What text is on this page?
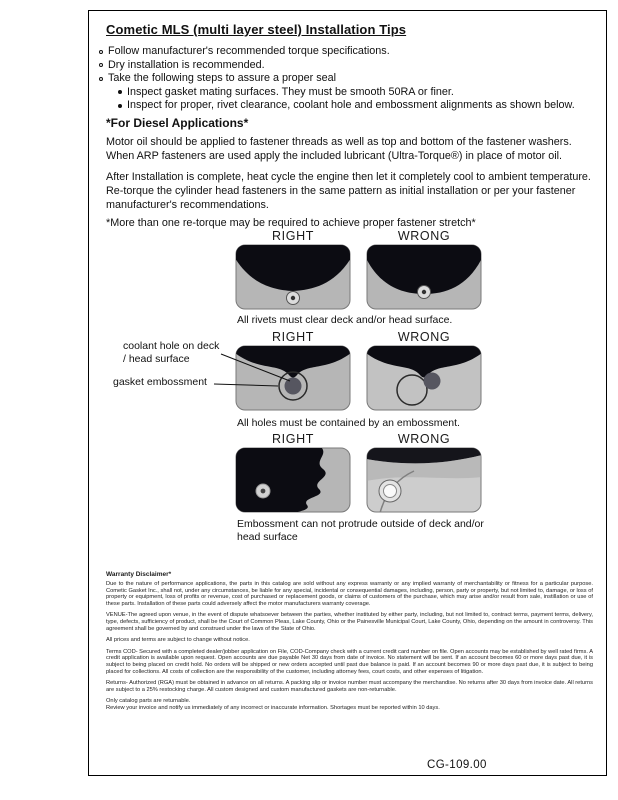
Cometic MLS (multi layer steel) Installation Tips
Follow manufacturer's recommended torque specifications.
Dry installation is recommended.
Take the following steps to assure a proper seal
Inspect gasket mating surfaces. They must be smooth 50RA or finer.
Inspect for proper, rivet clearance, coolant hole and embossment alignments as shown below.
*For Diesel Applications*
Motor oil should be applied to fastener threads as well as top and bottom of the fastener washers. When ARP fasteners are used apply the included lubricant (Ultra-Torque®) in place of motor oil.
After Installation is complete, heat cycle the engine then let it completely cool to ambient temperature. Re-torque the cylinder head fasteners in the same pattern as initial installation or per your fastener manufacturer's recommendations.
*More than one re-torque may be required to achieve proper fastener stretch*
RIGHT	WRONG
All rivets must clear deck and/or head surface.
RIGHT	WRONG
coolant hole on deck / head surface
gasket embossment
All holes must be contained by an embossment.
RIGHT	WRONG
Embossment can not protrude outside of deck and/or head surface
Warranty Disclaimer*
Due to the nature of performance applications, the parts in this catalog are sold without any express warranty or any implied warranty of merchantability or fitness for a particular purpose. Cometic Gasket Inc., shall not, under any circumstances, be liable for any special, incidental or consequential damages, including, person, party or property, but not limited to, damage, or loss of property or equipment, loss of profits or revenue, cost of purchased or replacement goods, or claims of customers of the purchase, which may arise and/or result from sale, instillation or use of these parts. Installation of these parts could adversely affect the motor manufacturers warranty coverage.
VENUE-The agreed upon venue, in the event of dispute whatsoever between the parties, whether instituted by either party, including, but not limited to, contract terms, payment terms, delivery, type, defects, sufficiency of product, shall be the Court of Common Pleas, Lake County, Ohio or the Painesville Municipal Court, Lake County, Ohio, depending on the amount in controversy. This agreement shall be governed by and construed under the laws of the State of Ohio.
All prices and terms are subject to change without notice.
Terms COD- Secured with a completed dealer/jobber application on File, COD-Company check with a current credit card number on file. Open accounts may be established by well rated firms. A credit application is available upon request. Open accounts are due payable Net 30 days from date of invoice. No statement will be sent. If an account becomes 60 or more days past due, it is subject to being placed on credit hold. No orders will be shipped or new orders accepted until past due balance is paid. If an account becomes 90 or more days past due, it is subject to being placed for collections. All costs of collection are the responsibility of the customer, including attorney fees, court costs, and other expenses of litigation.
Returns- Authorized (RGA) must be obtained in advance on all returns. A packing slip or invoice number must accompany the merchandise. No returns after 30 days from invoice date. All returns are subject to a 25% restocking charge. All custom designed and custom manufactured gaskets are non-returnable.
Only catalog parts are returnable.
Review your invoice and notify us immediately of any incorrect or inaccurate information. Shortages must be reported within 10 days.
CG-109.00
